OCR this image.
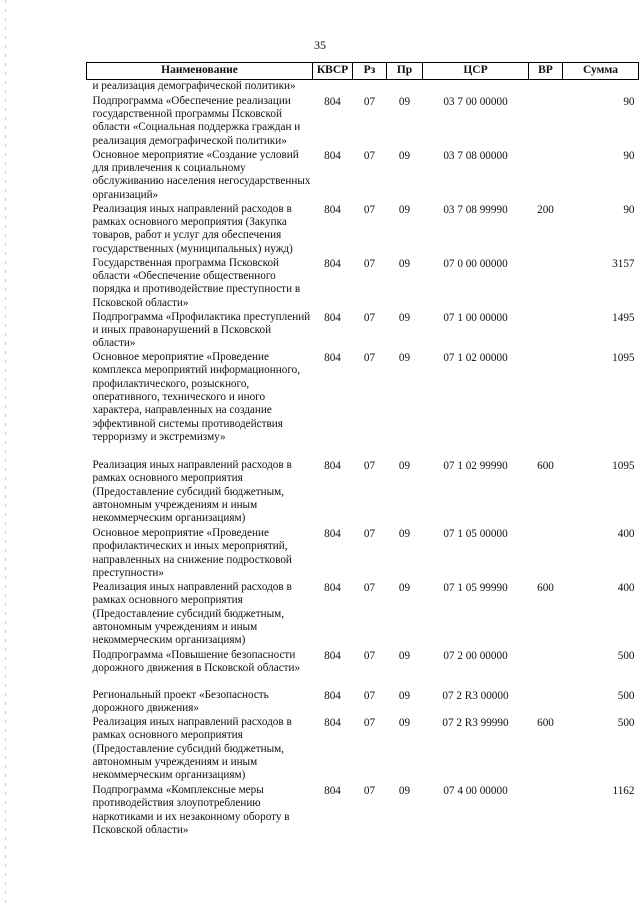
35
Наименование	КВСР	Рз	Пр	ЦСР	ВР	Сумма
и реализация демографической политики»						
Подпрограмма «Обеспечение реализации государственной программы Псковской области «Социальная поддержка граждан и реализация демографической политики»	804	07	09	03 7 00 00000		90
Основное мероприятие «Создание условий для привлечения к социальному обслуживанию населения негосударственных организаций»	804	07	09	03 7 08 00000		90
Реализация иных направлений расходов в рамках основного мероприятия (Закупка товаров, работ и услуг для обеспечения государственных (муниципальных) нужд)	804	07	09	03 7 08 99990	200	90
Государственная программа Псковской области «Обеспечение общественного порядка и противодействие преступности в Псковской области»	804	07	09	07 0 00 00000		3157
Подпрограмма «Профилактика преступлений и иных правонарушений в Псковской области»	804	07	09	07 1 00 00000		1495
Основное мероприятие «Проведение комплекса мероприятий информационного, профилактического, розыскного, оперативного, технического и иного характера, направленных на создание эффективной системы противодействия терроризму и экстремизму»	804	07	09	07 1 02 00000		1095
Реализация иных направлений расходов в рамках основного мероприятия (Предоставление субсидий бюджетным, автономным учреждениям и иным некоммерческим организациям)	804	07	09	07 1 02 99990	600	1095
Основное мероприятие «Проведение профилактических и иных мероприятий, направленных на снижение подростковой преступности»	804	07	09	07 1 05 00000		400
Реализация иных направлений расходов в рамках основного мероприятия (Предоставление субсидий бюджетным, автономным учреждениям и иным некоммерческим организациям)	804	07	09	07 1 05 99990	600	400
Подпрограмма «Повышение безопасности дорожного движения в Псковской области»	804	07	09	07 2 00 00000		500
Региональный проект «Безопасность дорожного движения»	804	07	09	07 2 R3 00000		500
Реализация иных направлений расходов в рамках основного мероприятия (Предоставление субсидий бюджетным, автономным учреждениям и иным некоммерческим организациям)	804	07	09	07 2 R3 99990	600	500
Подпрограмма «Комплексные меры противодействия злоупотреблению наркотиками и их незаконному обороту в Псковской области»	804	07	09	07 4 00 00000		1162
